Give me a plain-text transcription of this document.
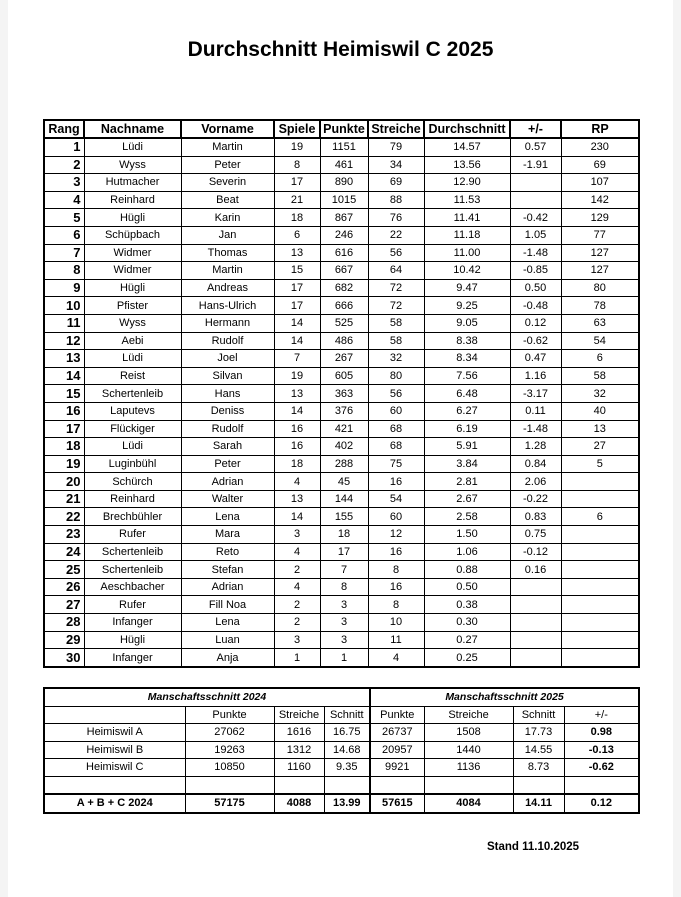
Durchschnitt Heimiswil C 2025
Rang	Nachname	Vorname	Spiele	Punkte	Streiche	Durchschnitt	+/-	RP
1	Lüdi	Martin	19	1151	79	14.57	0.57	230
2	Wyss	Peter	8	461	34	13.56	-1.91	69
3	Hutmacher	Severin	17	890	69	12.90		107
4	Reinhard	Beat	21	1015	88	11.53		142
5	Hügli	Karin	18	867	76	11.41	-0.42	129
6	Schüpbach	Jan	6	246	22	11.18	1.05	77
7	Widmer	Thomas	13	616	56	11.00	-1.48	127
8	Widmer	Martin	15	667	64	10.42	-0.85	127
9	Hügli	Andreas	17	682	72	9.47	0.50	80
10	Pfister	Hans-Ulrich	17	666	72	9.25	-0.48	78
11	Wyss	Hermann	14	525	58	9.05	0.12	63
12	Aebi	Rudolf	14	486	58	8.38	-0.62	54
13	Lüdi	Joel	7	267	32	8.34	0.47	6
14	Reist	Silvan	19	605	80	7.56	1.16	58
15	Schertenleib	Hans	13	363	56	6.48	-3.17	32
16	Laputevs	Deniss	14	376	60	6.27	0.11	40
17	Flückiger	Rudolf	16	421	68	6.19	-1.48	13
18	Lüdi	Sarah	16	402	68	5.91	1.28	27
19	Luginbühl	Peter	18	288	75	3.84	0.84	5
20	Schürch	Adrian	4	45	16	2.81	2.06	
21	Reinhard	Walter	13	144	54	2.67	-0.22	
22	Brechbühler	Lena	14	155	60	2.58	0.83	6
23	Rufer	Mara	3	18	12	1.50	0.75	
24	Schertenleib	Reto	4	17	16	1.06	-0.12	
25	Schertenleib	Stefan	2	7	8	0.88	0.16	
26	Aeschbacher	Adrian	4	8	16	0.50		
27	Rufer	Fill Noa	2	3	8	0.38		
28	Infanger	Lena	2	3	10	0.30		
29	Hügli	Luan	3	3	11	0.27		
30	Infanger	Anja	1	1	4	0.25		
Manschaftsschnitt 2024				Manschaftsschnitt 2025			
	Punkte	Streiche	Schnitt	Punkte	Streiche	Schnitt	+/-
Heimiswil A	27062	1616	16.75	26737	1508	17.73	0.98
Heimiswil B	19263	1312	14.68	20957	1440	14.55	-0.13
Heimiswil C	10850	1160	9.35	9921	1136	8.73	-0.62

A + B + C 2024	57175	4088	13.99	57615	4084	14.11	0.12
Stand 11.10.2025
